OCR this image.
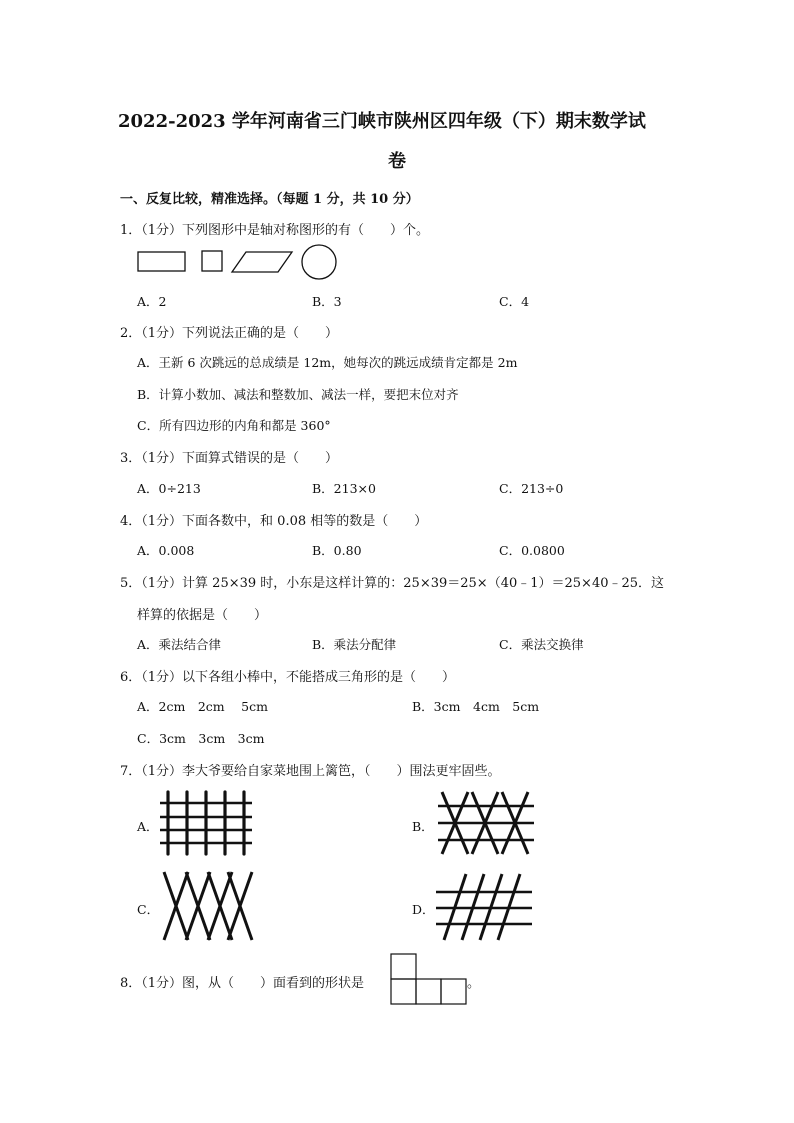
2022-2023 学年河南省三门峡市陕州区四年级（下）期末数学试
卷
一、反复比较，精准选择。（每题 1 分，共 10 分）
1．（1分）下列图形中是轴对称图形的有（　　）个。
A．2	B．3	C．4
2．（1分）下列说法正确的是（　　）
A．王新 6 次跳远的总成绩是 12m，她每次的跳远成绩肯定都是 2m
B．计算小数加、减法和整数加、减法一样，要把末位对齐
C．所有四边形的内角和都是 360°
3．（1分）下面算式错误的是（　　）
A．0÷213	B．213×0	C．213÷0
4．（1分）下面各数中，和 0.08 相等的数是（　　）
A．0.008	B．0.80	C．0.0800
5．（1分）计算 25×39 时，小东是这样计算的：25×39＝25×（40﹣1）＝25×40﹣25．这
样算的依据是（　　）
A．乘法结合律	B．乘法分配律	C．乘法交换律
6．（1分）以下各组小棒中，不能搭成三角形的是（　　）
A．2cm　2cm　 5cm	B．3cm　4cm　5cm
C．3cm　3cm　3cm
7．（1分）李大爷要给自家菜地围上篱笆，（　　）围法更牢固些。
A．	B．
C．	D．
8．（1分）图，从（　　）面看到的形状是	。
